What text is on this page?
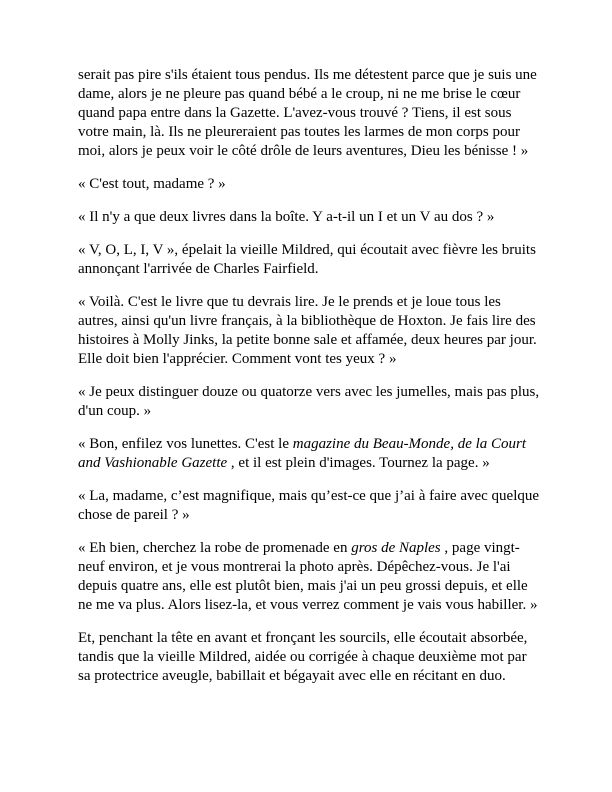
serait pas pire s'ils étaient tous pendus. Ils me détestent parce que je suis une dame, alors je ne pleure pas quand bébé a le croup, ni ne me brise le cœur quand papa entre dans la Gazette. L'avez-vous trouvé ? Tiens, il est sous votre main, là. Ils ne pleureraient pas toutes les larmes de mon corps pour moi, alors je peux voir le côté drôle de leurs aventures, Dieu les bénisse ! »

« C'est tout, madame ? »

« Il n'y a que deux livres dans la boîte. Y a-t-il un I et un V au dos ? »

« V, O, L, I, V », épelait la vieille Mildred, qui écoutait avec fièvre les bruits annonçant l'arrivée de Charles Fairfield.

« Voilà. C'est le livre que tu devrais lire. Je le prends et je loue tous les autres, ainsi qu'un livre français, à la bibliothèque de Hoxton. Je fais lire des histoires à Molly Jinks, la petite bonne sale et affamée, deux heures par jour. Elle doit bien l'apprécier. Comment vont tes yeux ? »

« Je peux distinguer douze ou quatorze vers avec les jumelles, mais pas plus, d'un coup. »

« Bon, enfilez vos lunettes. C'est le magazine du Beau-Monde, de la Court and Vashionable Gazette , et il est plein d'images. Tournez la page. »

« La, madame, c’est magnifique, mais qu’est-ce que j’ai à faire avec quelque chose de pareil ? »

« Eh bien, cherchez la robe de promenade en gros de Naples , page vingt-neuf environ, et je vous montrerai la photo après. Dépêchez-vous. Je l'ai depuis quatre ans, elle est plutôt bien, mais j'ai un peu grossi depuis, et elle ne me va plus. Alors lisez-la, et vous verrez comment je vais vous habiller. »

Et, penchant la tête en avant et fronçant les sourcils, elle écoutait absorbée, tandis que la vieille Mildred, aidée ou corrigée à chaque deuxième mot par sa protectrice aveugle, babillait et bégayait avec elle en récitant en duo.
